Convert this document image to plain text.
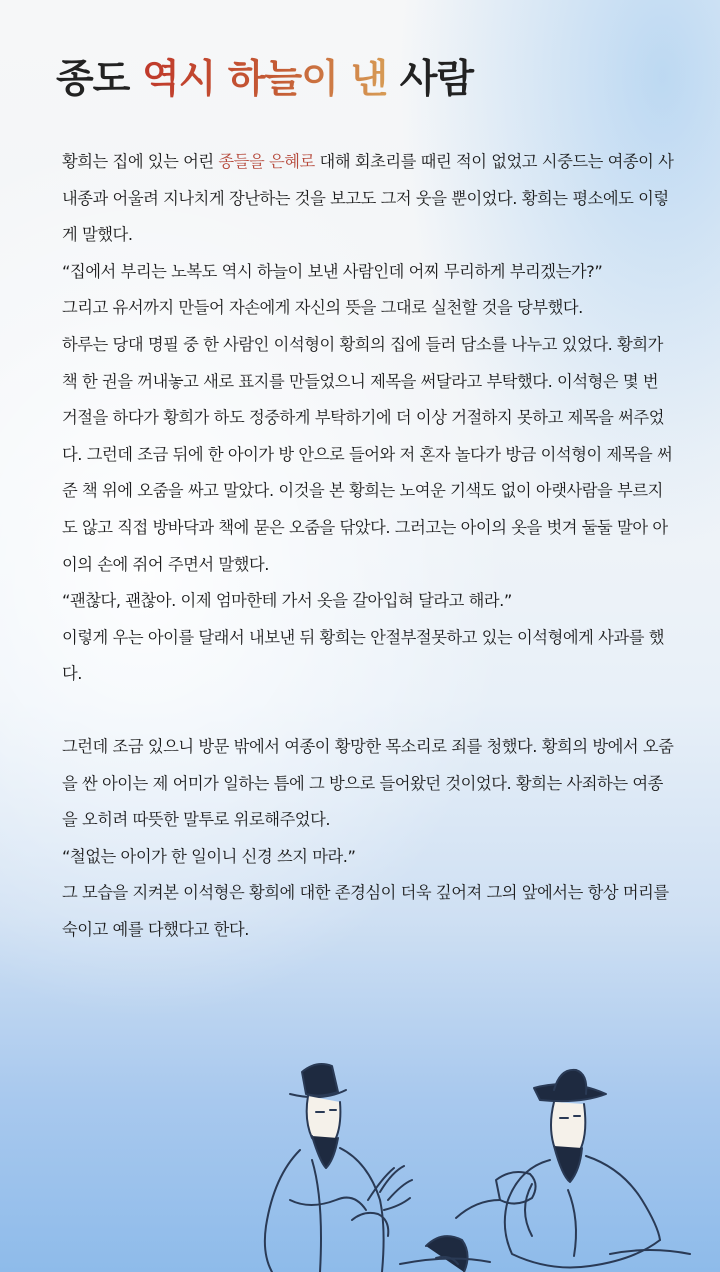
종도 역시 하늘이 낸 사람

황희는 집에 있는 어린 종들을 은혜로 대해 회초리를 때린 적이 없었고 시중드는 여종이 사내종과 어울려 지나치게 장난하는 것을 보고도 그저 웃을 뿐이었다. 황희는 평소에도 이렇게 말했다.

“집에서 부리는 노복도 역시 하늘이 보낸 사람인데 어찌 무리하게 부리겠는가?”

그리고 유서까지 만들어 자손에게 자신의 뜻을 그대로 실천할 것을 당부했다.

하루는 당대 명필 중 한 사람인 이석형이 황희의 집에 들러 담소를 나누고 있었다. 황희가 책 한 권을 꺼내놓고 새로 표지를 만들었으니 제목을 써달라고 부탁했다. 이석형은 몇 번 거절을 하다가 황희가 하도 정중하게 부탁하기에 더 이상 거절하지 못하고 제목을 써주었다. 그런데 조금 뒤에 한 아이가 방 안으로 들어와 저 혼자 놀다가 방금 이석형이 제목을 써 준 책 위에 오줌을 싸고 말았다. 이것을 본 황희는 노여운 기색도 없이 아랫사람을 부르지도 않고 직접 방바닥과 책에 묻은 오줌을 닦았다. 그러고는 아이의 옷을 벗겨 둘둘 말아 아이의 손에 쥐어 주면서 말했다.

“괜찮다, 괜찮아. 이제 엄마한테 가서 옷을 갈아입혀 달라고 해라.”

이렇게 우는 아이를 달래서 내보낸 뒤 황희는 안절부절못하고 있는 이석형에게 사과를 했다.

그런데 조금 있으니 방문 밖에서 여종이 황망한 목소리로 죄를 청했다. 황희의 방에서 오줌을 싼 아이는 제 어미가 일하는 틈에 그 방으로 들어왔던 것이었다. 황희는 사죄하는 여종을 오히려 따뜻한 말투로 위로해주었다.

“철없는 아이가 한 일이니 신경 쓰지 마라.”

그 모습을 지켜본 이석형은 황희에 대한 존경심이 더욱 깊어져 그의 앞에서는 항상 머리를 숙이고 예를 다했다고 한다.
